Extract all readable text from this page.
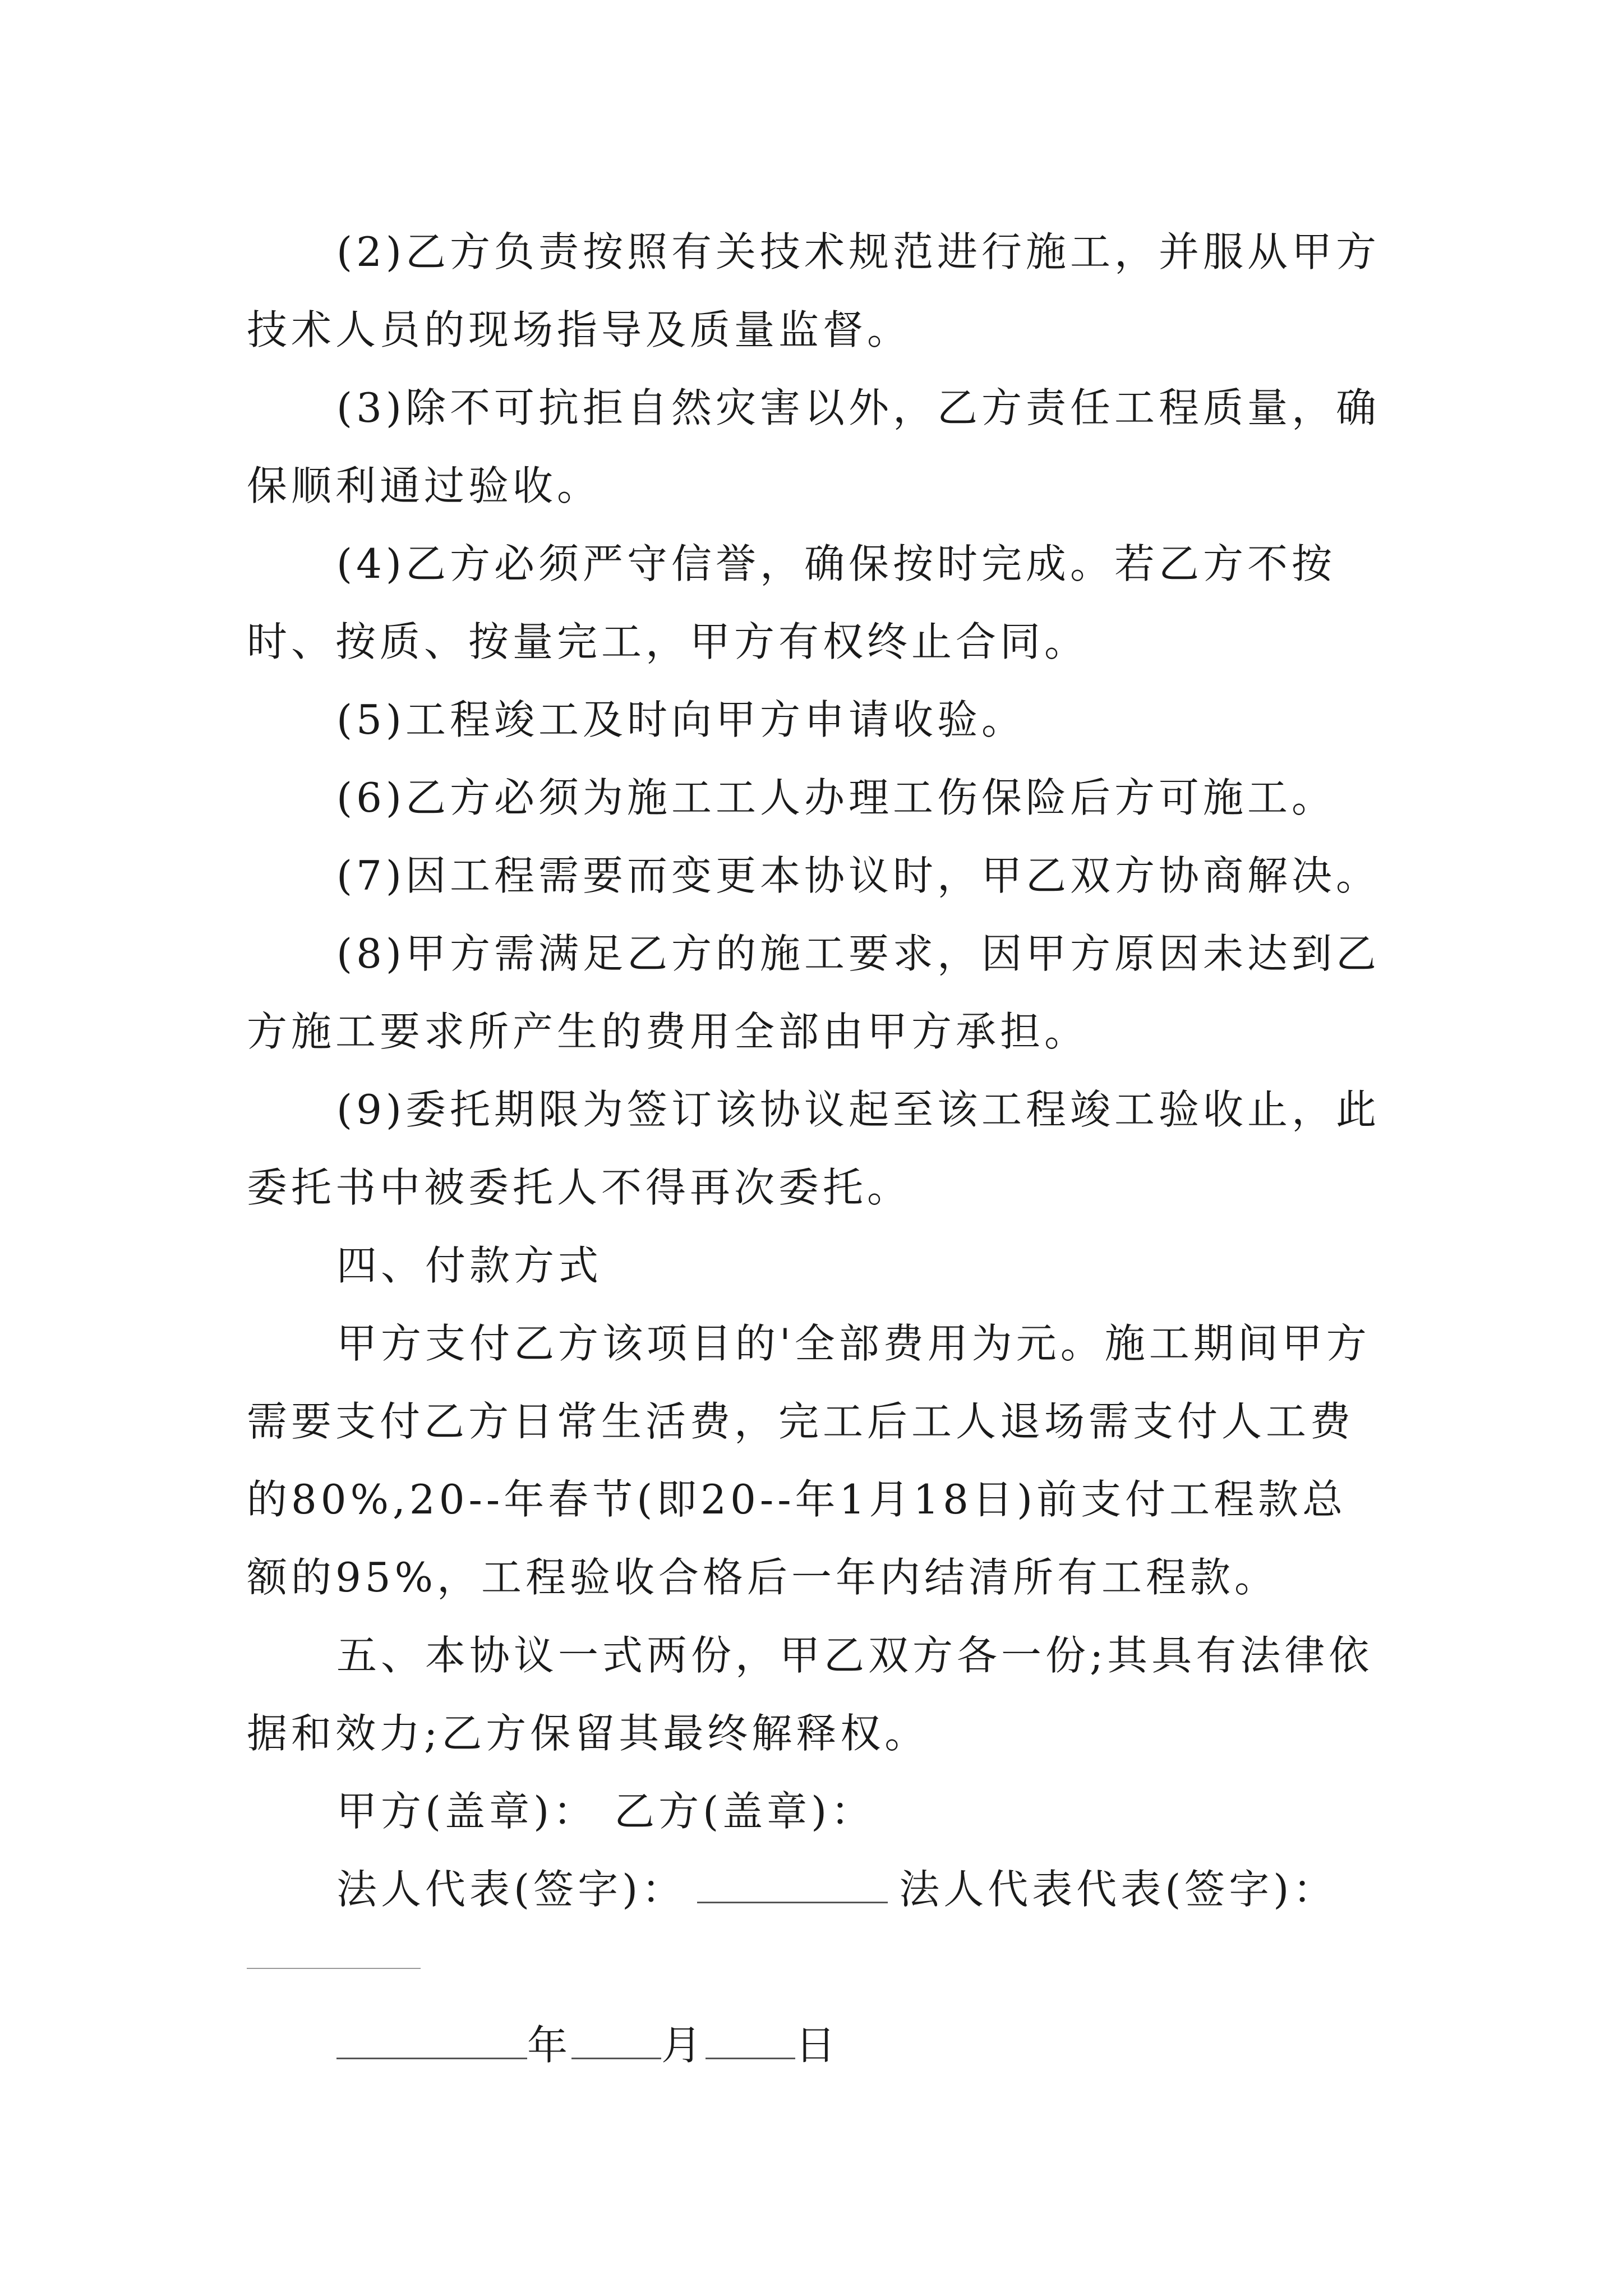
(2)乙方负责按照有关技术规范进行施工，并服从甲方技术人员的现场指导及质量监督。

(3)除不可抗拒自然灾害以外，乙方责任工程质量，确保顺利通过验收。

(4)乙方必须严守信誉，确保按时完成。若乙方不按时、按质、按量完工，甲方有权终止合同。

(5)工程竣工及时向甲方申请收验。

(6)乙方必须为施工工人办理工伤保险后方可施工。

(7)因工程需要而变更本协议时，甲乙双方协商解决。

(8)甲方需满足乙方的施工要求，因甲方原因未达到乙方施工要求所产生的费用全部由甲方承担。

(9)委托期限为签订该协议起至该工程竣工验收止，此委托书中被委托人不得再次委托。

四、付款方式

甲方支付乙方该项目的'全部费用为元。施工期间甲方需要支付乙方日常生活费，完工后工人退场需支付人工费的80%,20--年春节(即20--年1月18日)前支付工程款总额的95%，工程验收合格后一年内结清所有工程款。

五、本协议一式两份，甲乙双方各一份;其具有法律依据和效力;乙方保留其最终解释权。

甲方(盖章)： 乙方(盖章)：

法人代表(签字)：	法人代表代表(签字)：

年 月 日
